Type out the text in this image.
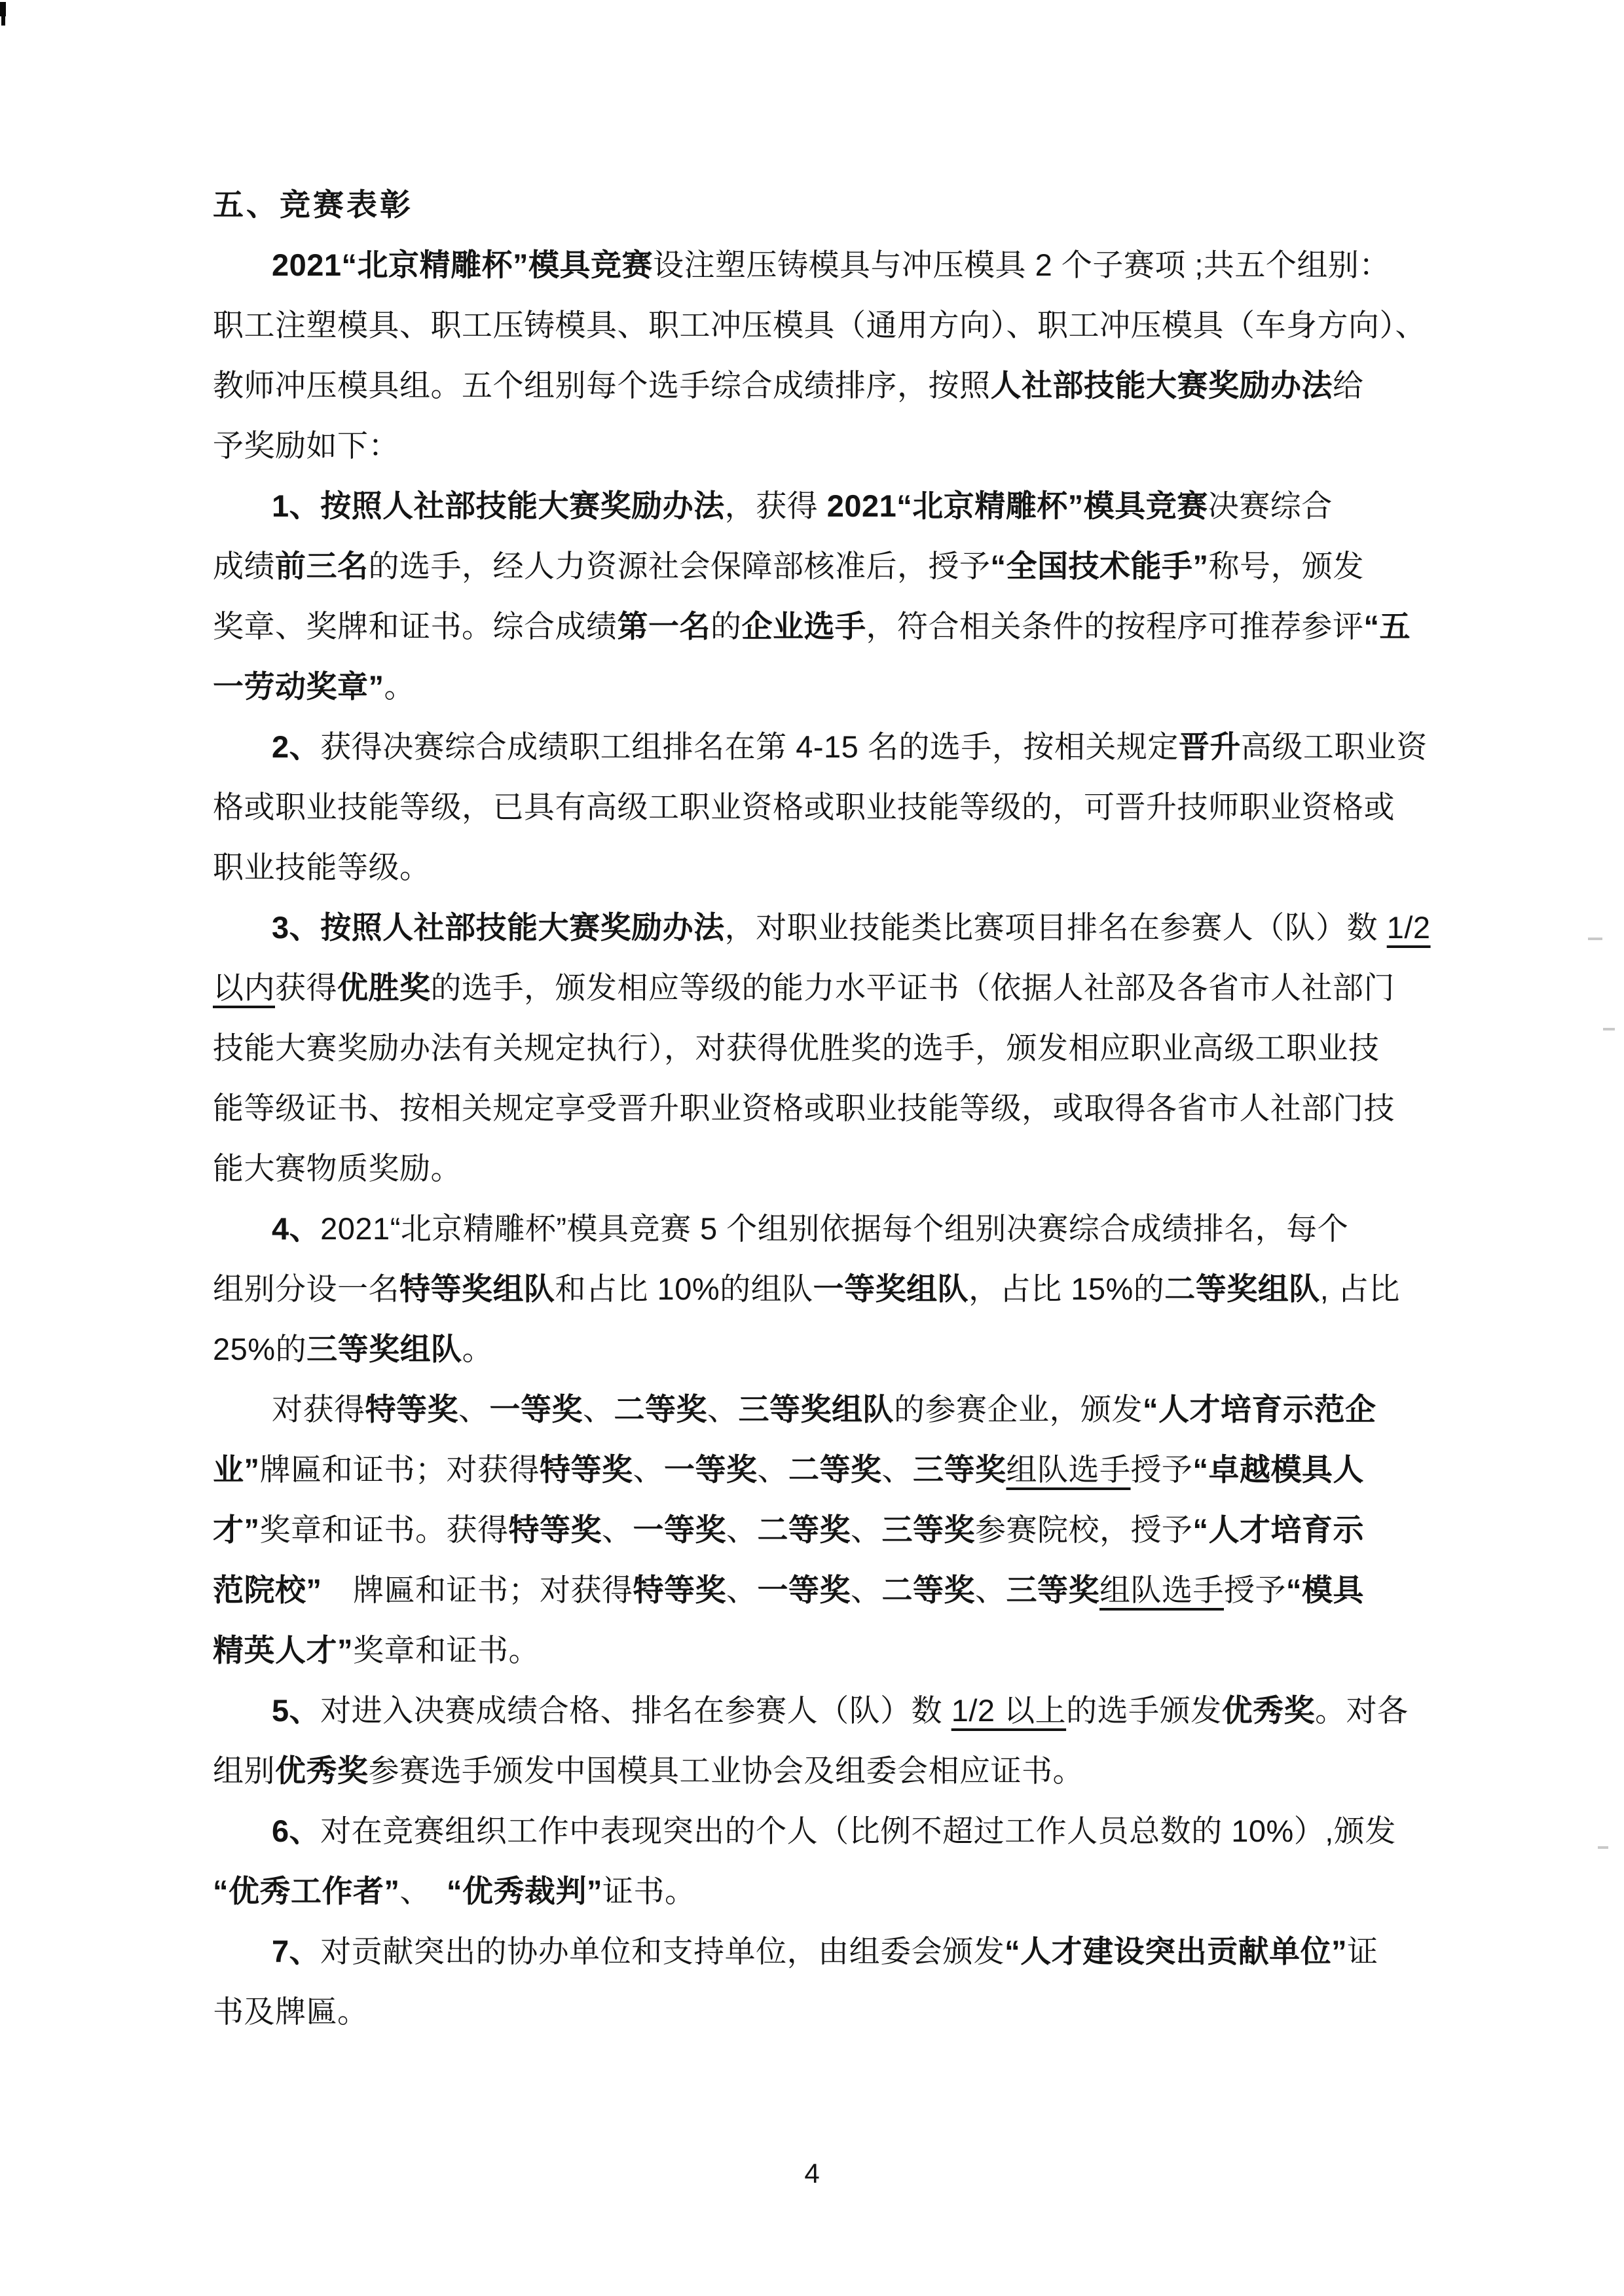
五、竞赛表彰
2021“北京精雕杯”模具竞赛设注塑压铸模具与冲压模具 2 个子赛项 ;共五个组别：
职工注塑模具、职工压铸模具、职工冲压模具（通用方向）、职工冲压模具（车身方向）、
教师冲压模具组。五个组别每个选手综合成绩排序，按照人社部技能大赛奖励办法给
予奖励如下：
1、按照人社部技能大赛奖励办法，获得 2021“北京精雕杯”模具竞赛决赛综合
成绩前三名的选手，经人力资源社会保障部核准后，授予“全国技术能手”称号，颁发
奖章、奖牌和证书。综合成绩第一名的企业选手，符合相关条件的按程序可推荐参评“五
一劳动奖章”。
2、获得决赛综合成绩职工组排名在第 4-15 名的选手，按相关规定晋升高级工职业资
格或职业技能等级，已具有高级工职业资格或职业技能等级的，可晋升技师职业资格或
职业技能等级。
3、按照人社部技能大赛奖励办法，对职业技能类比赛项目排名在参赛人（队）数 1/2
以内获得优胜奖的选手，颁发相应等级的能力水平证书（依据人社部及各省市人社部门
技能大赛奖励办法有关规定执行），对获得优胜奖的选手，颁发相应职业高级工职业技
能等级证书、按相关规定享受晋升职业资格或职业技能等级，或取得各省市人社部门技
能大赛物质奖励。
4、2021“北京精雕杯”模具竞赛 5 个组别依据每个组别决赛综合成绩排名，每个
组别分设一名特等奖组队和占比 10%的组队一等奖组队，占比 15%的二等奖组队, 占比
25%的三等奖组队。
对获得特等奖、一等奖、二等奖、三等奖组队的参赛企业，颁发“人才培育示范企
业”牌匾和证书；对获得特等奖、一等奖、二等奖、三等奖组队选手授予“卓越模具人
才”奖章和证书。获得特等奖、一等奖、二等奖、三等奖参赛院校，授予“人才培育示
范院校”　牌匾和证书；对获得特等奖、一等奖、二等奖、三等奖组队选手授予“模具
精英人才”奖章和证书。
5、对进入决赛成绩合格、排名在参赛人（队）数 1/2 以上的选手颁发优秀奖。对各
组别优秀奖参赛选手颁发中国模具工业协会及组委会相应证书。
6、对在竞赛组织工作中表现突出的个人（比例不超过工作人员总数的 10%）,颁发
“优秀工作者”、　“优秀裁判”证书。
7、对贡献突出的协办单位和支持单位，由组委会颁发“人才建设突出贡献单位”证
书及牌匾。
4
